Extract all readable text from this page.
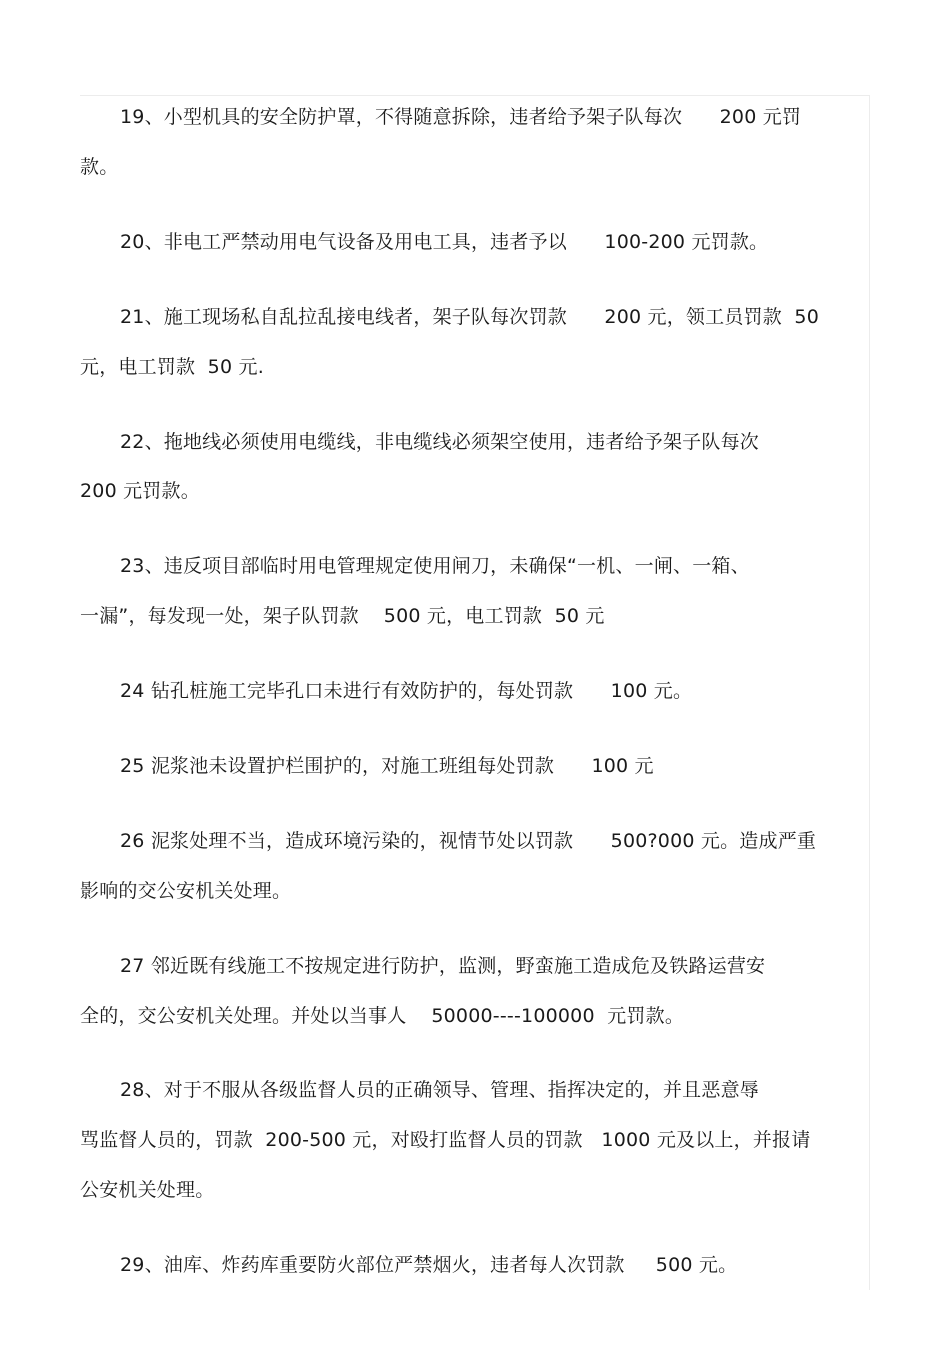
19、小型机具的安全防护罩，不得随意拆除，违者给予架子队每次      200 元罚
款。
20、非电工严禁动用电气设备及用电工具，违者予以      100-200 元罚款。
21、施工现场私自乱拉乱接电线者，架子队每次罚款      200 元，领工员罚款  50
元，电工罚款  50 元.
22、拖地线必须使用电缆线，非电缆线必须架空使用，违者给予架子队每次
200 元罚款。
23、违反项目部临时用电管理规定使用闸刀，未确保“一机、一闸、一箱、
一漏”，每发现一处，架子队罚款    500 元，电工罚款  50 元
24 钻孔桩施工完毕孔口未进行有效防护的，每处罚款      100 元。
25 泥浆池未设置护栏围护的，对施工班组每处罚款      100 元
26 泥浆处理不当，造成环境污染的，视情节处以罚款      500?000 元。造成严重
影响的交公安机关处理。
27 邻近既有线施工不按规定进行防护，监测，野蛮施工造成危及铁路运营安
全的，交公安机关处理。并处以当事人    50000----100000  元罚款。
28、对于不服从各级监督人员的正确领导、管理、指挥决定的，并且恶意辱
骂监督人员的，罚款  200-500 元，对殴打监督人员的罚款   1000 元及以上，并报请
公安机关处理。
29、油库、炸药库重要防火部位严禁烟火，违者每人次罚款     500 元。
